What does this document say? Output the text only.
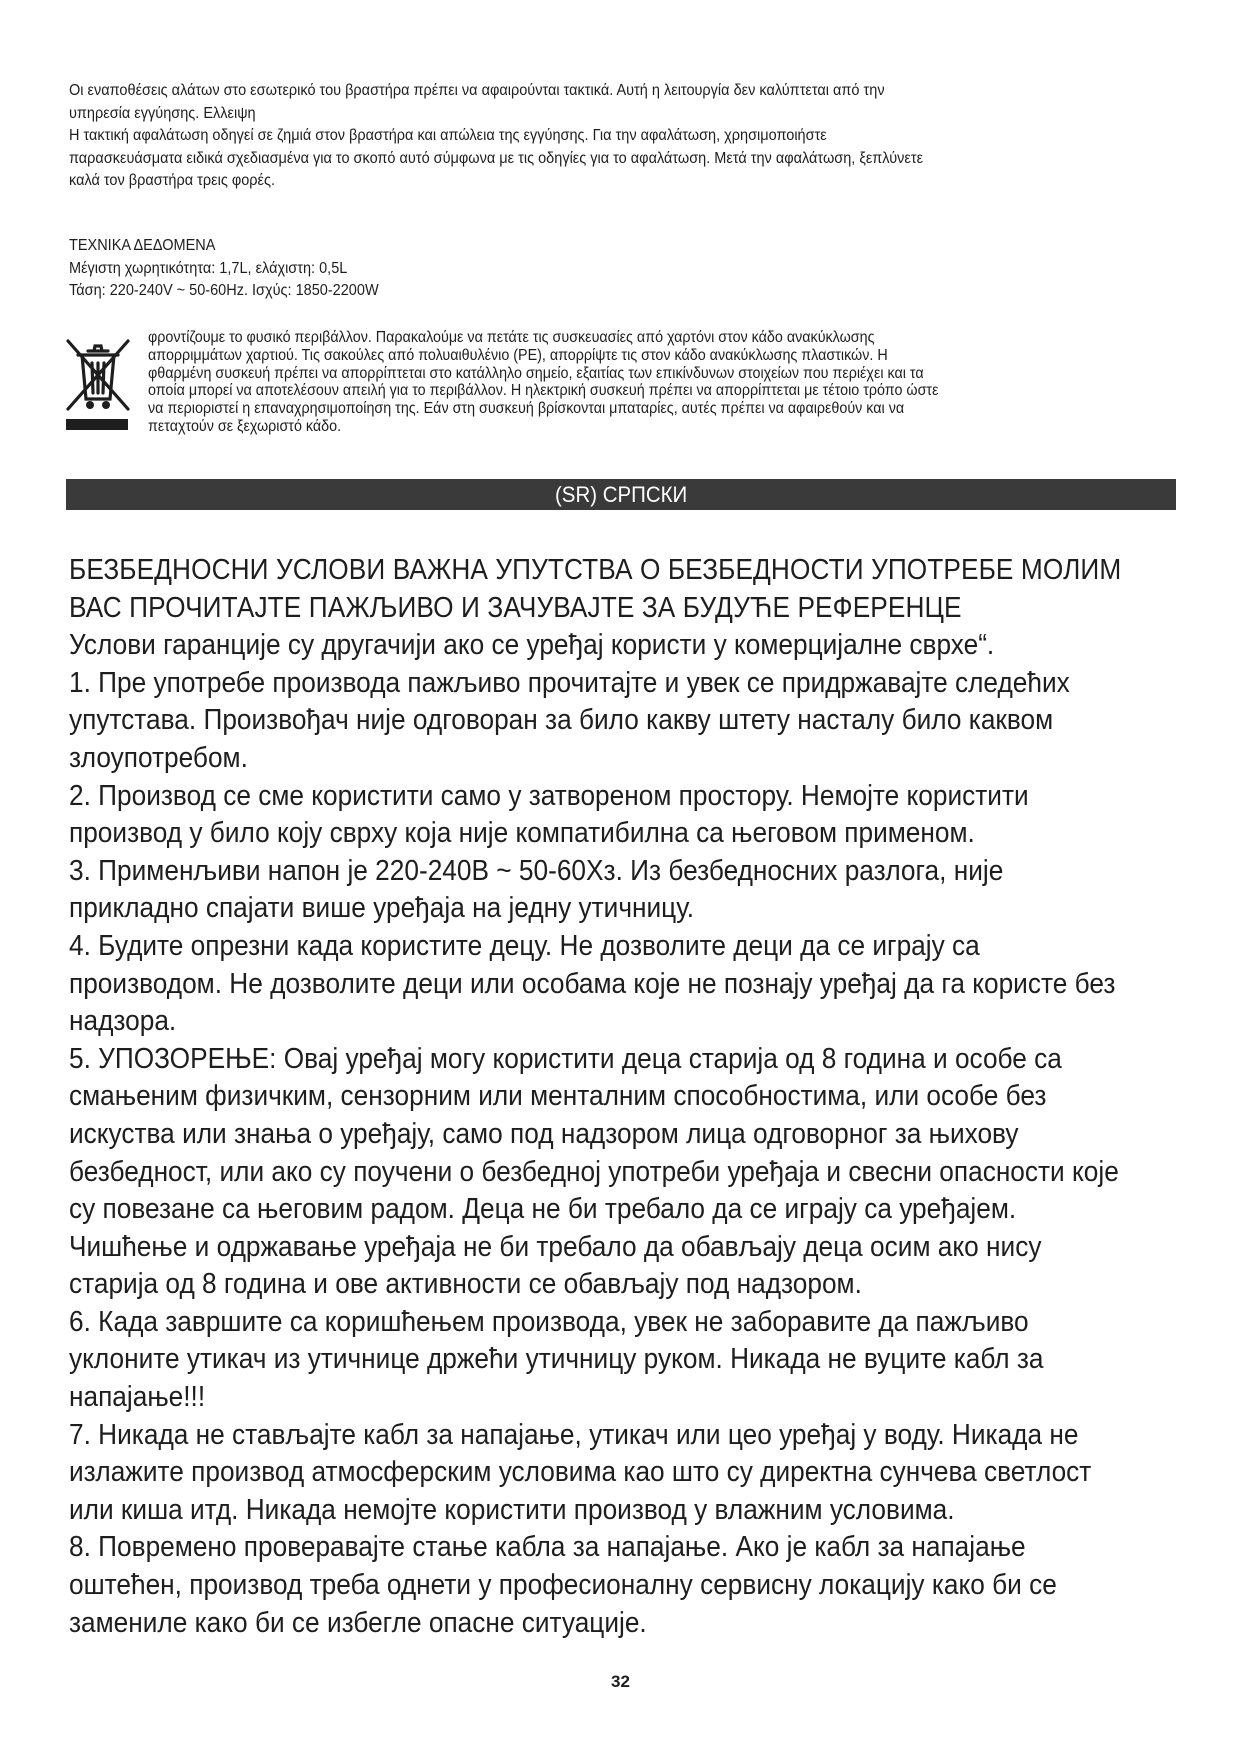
Οι εναποθέσεις αλάτων στο εσωτερικό του βραστήρα πρέπει να αφαιρούνται τακτικά. Αυτή η λειτουργία δεν καλύπτεται από την

υπηρεσία εγγύησης. Ελλειψη

Η τακτική αφαλάτωση οδηγεί σε ζημιά στον βραστήρα και απώλεια της εγγύησης. Για την αφαλάτωση, χρησιμοποιήστε

παρασκευάσματα ειδικά σχεδιασμένα για το σκοπό αυτό σύμφωνα με τις οδηγίες για το αφαλάτωση. Μετά την αφαλάτωση, ξεπλύνετε

καλά τον βραστήρα τρεις φορές.

ΤΕΧΝΙΚΑ ΔΕΔΟΜΕΝΑ

Μέγιστη χωρητικότητα: 1,7L, ελάχιστη: 0,5L

Τάση: 220-240V ~ 50-60Hz. Ισχύς: 1850-2200W

φροντίζουμε το φυσικό περιβάλλον. Παρακαλούμε να πετάτε τις συσκευασίες από χαρτόνι στον κάδο ανακύκλωσης

απορριμμάτων χαρτιού. Τις σακούλες από πολυαιθυλένιο (PE), απορρίψτε τις στον κάδο ανακύκλωσης πλαστικών. Η

φθαρμένη συσκευή πρέπει να απορρίπτεται στο κατάλληλο σημείο, εξαιτίας των επικίνδυνων στοιχείων που περιέχει και τα

οποία μπορεί να αποτελέσουν απειλή για το περιβάλλον. Η ηλεκτρική συσκευή πρέπει να απορρίπτεται με τέτοιο τρόπο ώστε

να περιοριστεί η επαναχρησιμοποίηση της. Εάν στη συσκευή βρίσκονται μπαταρίες, αυτές πρέπει να αφαιρεθούν και να

πεταχτούν σε ξεχωριστό κάδο.

(SR) СРПСКИ

БЕЗБЕДНОСНИ УСЛОВИ ВАЖНА УПУТСТВА О БЕЗБЕДНОСТИ УПОТРЕБЕ МОЛИМ

ВАС ПРОЧИТАЈТЕ ПАЖЉИВО И ЗАЧУВАЈТЕ ЗА БУДУЋЕ РЕФЕРЕНЦЕ

Услови гаранције су другачији ако се уређај користи у комерцијалне сврхе“.

1. Пре употребе производа пажљиво прочитајте и увек се придржавајте следећих

упутстава. Произвођач није одговоран за било какву штету насталу било каквом

злоупотребом.

2. Производ се сме користити само у затвореном простору. Немојте користити

производ у било коју сврху која није компатибилна са његовом применом.

3. Применљиви напон је 220-240В ~ 50-60Хз. Из безбедносних разлога, није

прикладно спајати више уређаја на једну утичницу.

4. Будите опрезни када користите децу. Не дозволите деци да се играју са

производом. Не дозволите деци или особама које не познају уређај да га користе без

надзора.

5. УПОЗОРЕЊЕ: Овај уређај могу користити деца старија од 8 година и особе са

смањеним физичким, сензорним или менталним способностима, или особе без

искуства или знања о уређају, само под надзором лица одговорног за њихову

безбедност, или ако су поучени о безбедној употреби уређаја и свесни опасности које

су повезане са његовим радом. Деца не би требало да се играју са уређајем.

Чишћење и одржавање уређаја не би требало да обављају деца осим ако нису

старија од 8 година и ове активности се обављају под надзором.

6. Када завршите са коришћењем производа, увек не заборавите да пажљиво

уклоните утикач из утичнице држећи утичницу руком. Никада не вуците кабл за

напајање!!!

7. Никада не стављајте кабл за напајање, утикач или цео уређај у воду. Никада не

излажите производ атмосферским условима као што су директна сунчева светлост

или киша итд. Никада немојте користити производ у влажним условима.

8. Повремено проверавајте стање кабла за напајање. Ако је кабл за напајање

оштећен, производ треба однети у професионалну сервисну локацију како би се

замениле како би се избегле опасне ситуације.

32
